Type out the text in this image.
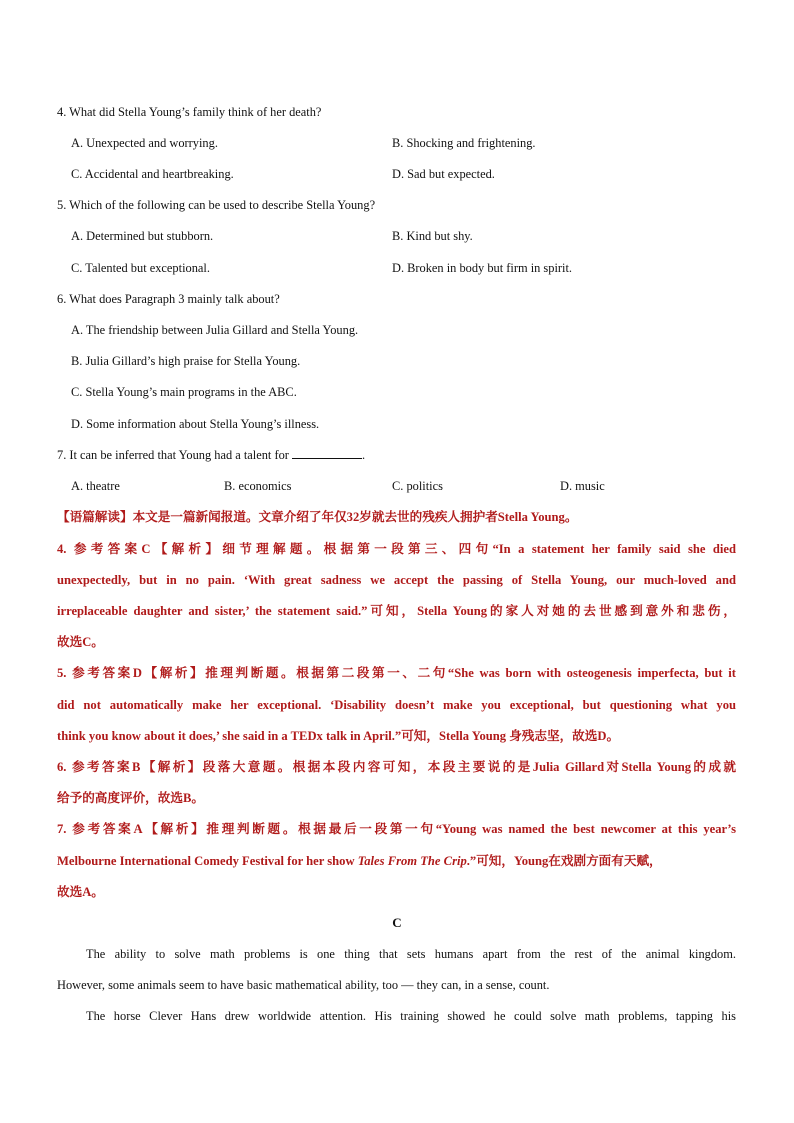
4. What did Stella Young’s family think of her death?
A. Unexpected and worrying.	B. Shocking and frightening.
C. Accidental and heartbreaking.	D. Sad but expected.
5. Which of the following can be used to describe Stella Young?
A. Determined but stubborn.	B. Kind but shy.
C. Talented but exceptional.	D. Broken in body but firm in spirit.
6. What does Paragraph 3 mainly talk about?
A. The friendship between Julia Gillard and Stella Young.
B. Julia Gillard’s high praise for Stella Young.
C. Stella Young’s main programs in the ABC.
D. Some information about Stella Young’s illness.
7. It can be inferred that Young had a talent for	.
A. theatre	B. economics	C. politics	D. music
【语篇解读】本文是一篇新闻报道。文章介绍了年仅32岁就去世的残疾人拥护者Stella Young。
4. 参考答案C【解析】细节理解题。根据第一段第三、四句“In a statement her family said she died
unexpectedly, but in no pain. ‘With great sadness we accept the passing of Stella Young, our much-loved and
irreplaceable daughter and sister,’ the statement said.”可知，Stella Young的家人对她的去世感到意外和悲伤，
故选C。
5. 参考答案D【解析】推理判断题。根据第二段第一、二句“She was born with osteogenesis imperfecta, but it
did not automatically make her exceptional. ‘Disability doesn’t make you exceptional, but questioning what you
think you know about it does,’ she said in a TEDx talk in April.”可知，Stella Young 身残志坚，故选D。
6. 参考答案B【解析】段落大意题。根据本段内容可知，本段主要说的是Julia Gillard对Stella Young的成就
给予的高度评价，故选B。
7. 参考答案A【解析】推理判断题。根据最后一段第一句“Young was named the best newcomer at this year’s
Melbourne International Comedy Festival for her show Tales From The Crip.”可知，Young在戏剧方面有天赋，
故选A。
C
The ability to solve math problems is one thing that sets humans apart from the rest of the animal kingdom.
However, some animals seem to have basic mathematical ability, too — they can, in a sense, count.
The horse Clever Hans drew worldwide attention. His training showed he could solve math problems, tapping his
